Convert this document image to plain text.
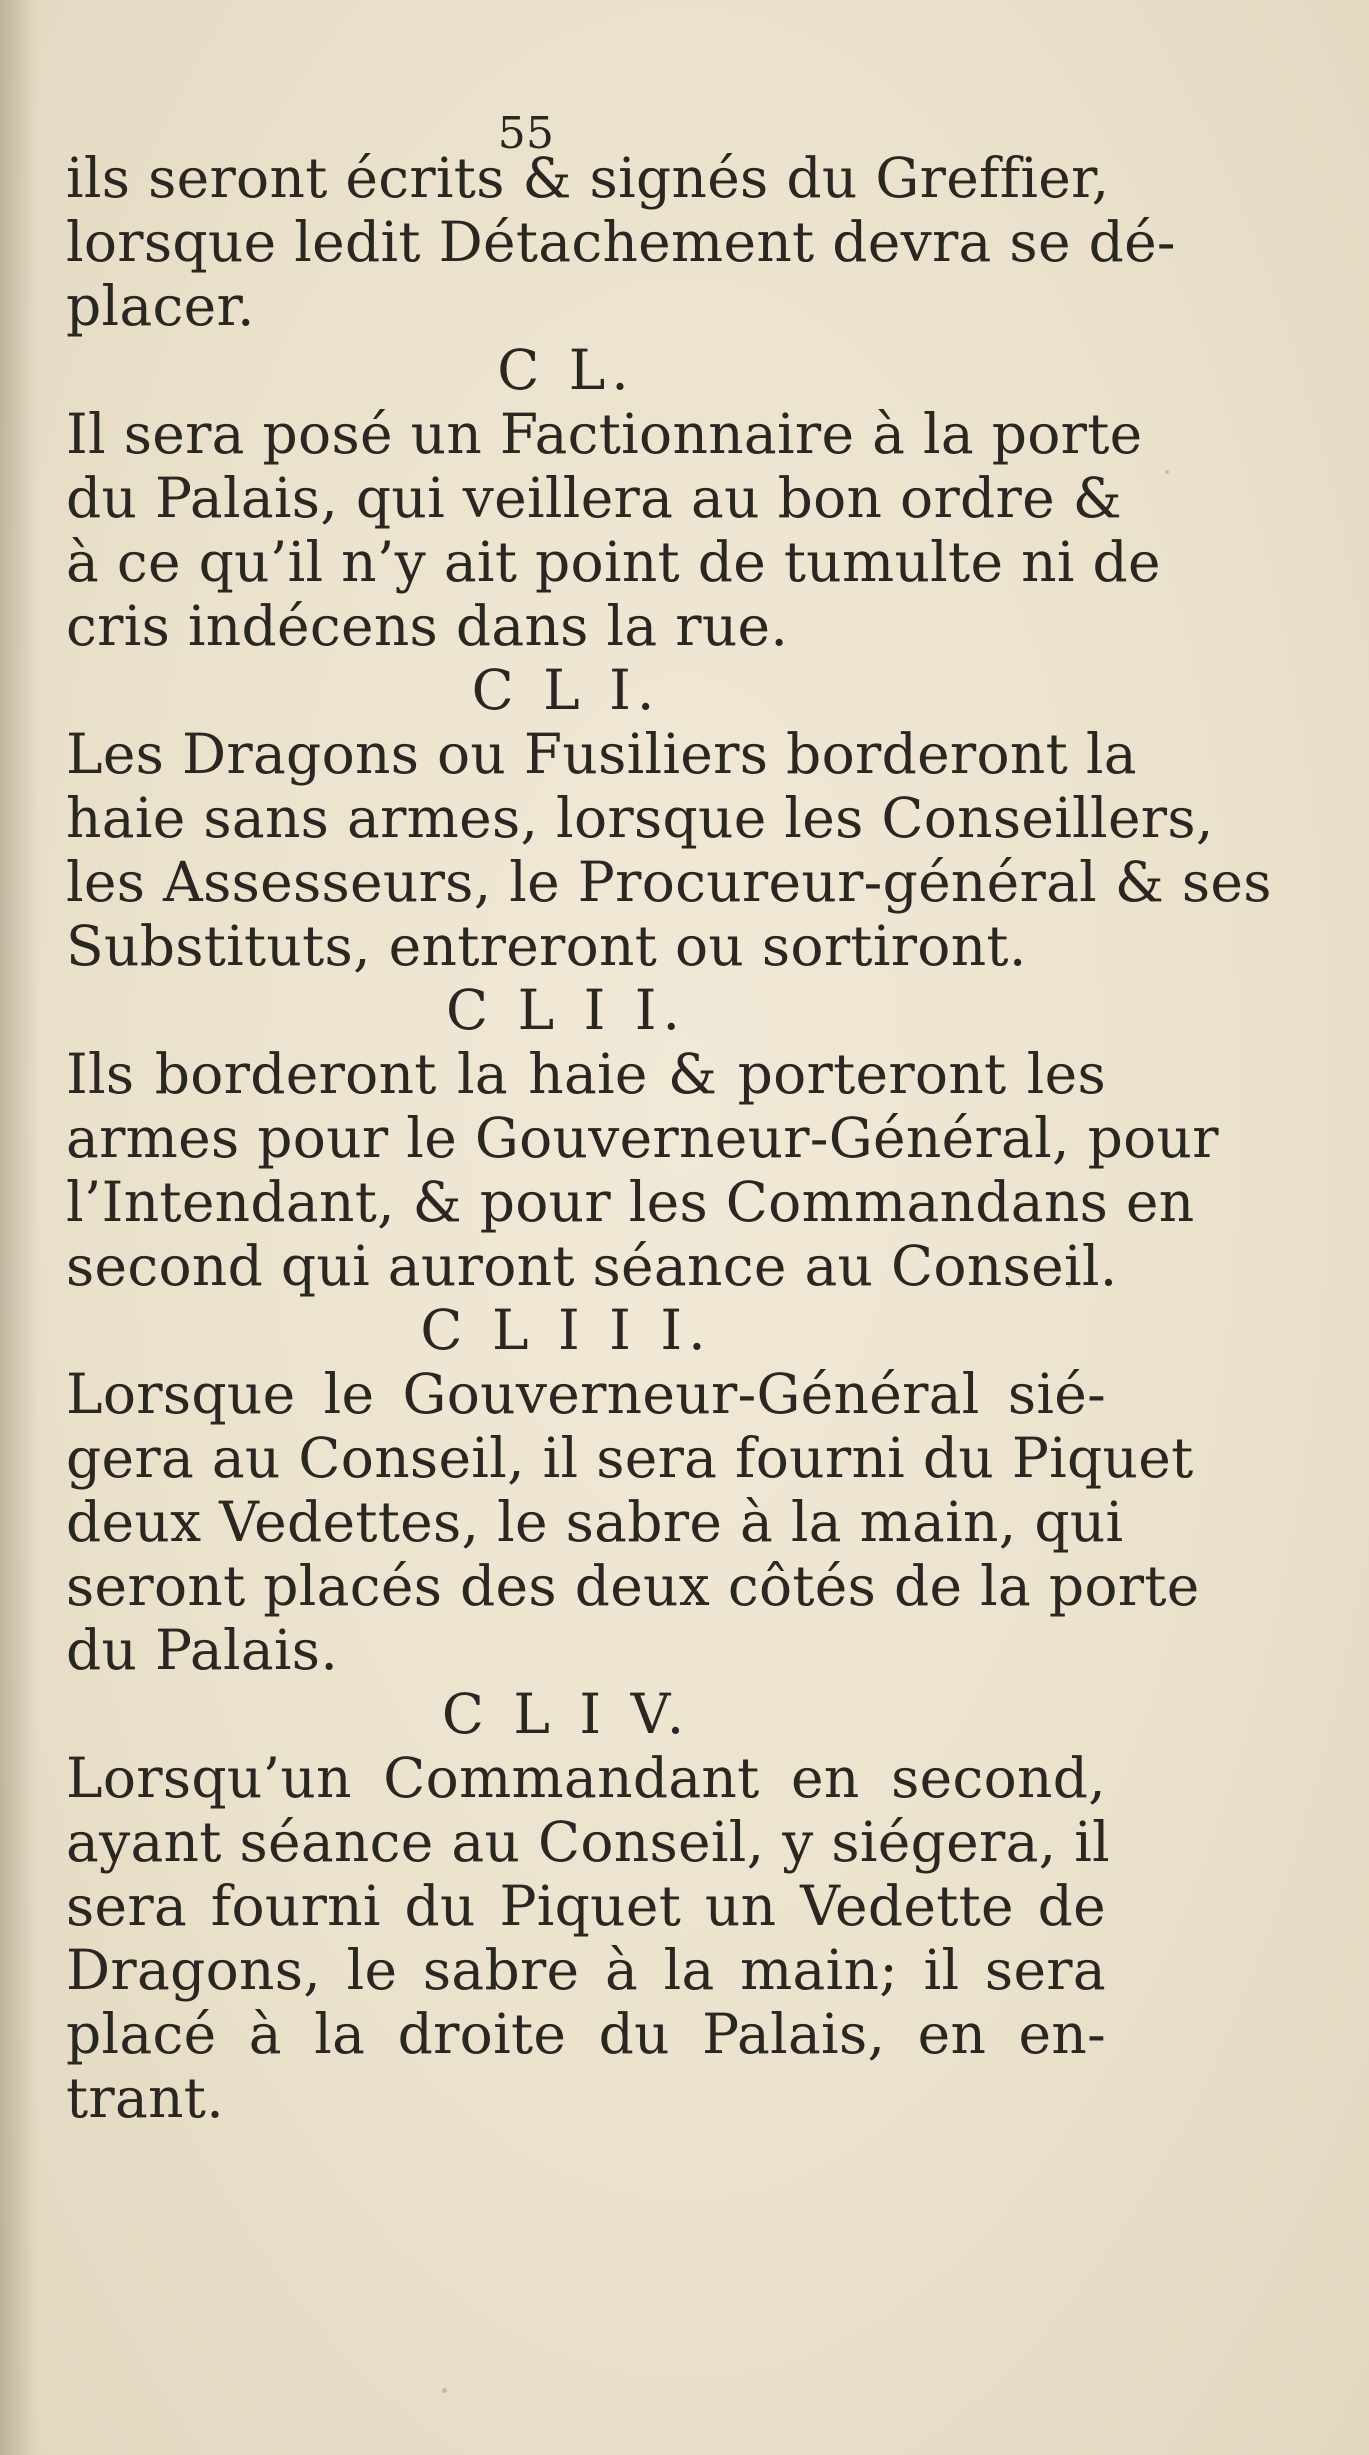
55
ils seront écrits & signés du Greffier,
lorsque ledit Détachement devra se dé-
placer.
C L.
Il sera posé un Factionnaire à la porte
du Palais, qui veillera au bon ordre &
à ce qu’il n’y ait point de tumulte ni de
cris indécens dans la rue.
C L I.
Les Dragons ou Fusiliers borderont la
haie sans armes, lorsque les Conseillers,
les Assesseurs, le Procureur-général & ses
Substituts, entreront ou sortiront.
C L I I.
Ils borderont la haie & porteront les
armes pour le Gouverneur-Général, pour
l’Intendant, & pour les Commandans en
second qui auront séance au Conseil.
C L I I I.
Lorsque le Gouverneur-Général sié-
gera au Conseil, il sera fourni du Piquet
deux Vedettes, le sabre à la main, qui
seront placés des deux côtés de la porte
du Palais.
C L I V.
Lorsqu’un Commandant en second,
ayant séance au Conseil, y siégera, il
sera fourni du Piquet un Vedette de
Dragons, le sabre à la main; il sera
placé à la droite du Palais, en en-
trant.
